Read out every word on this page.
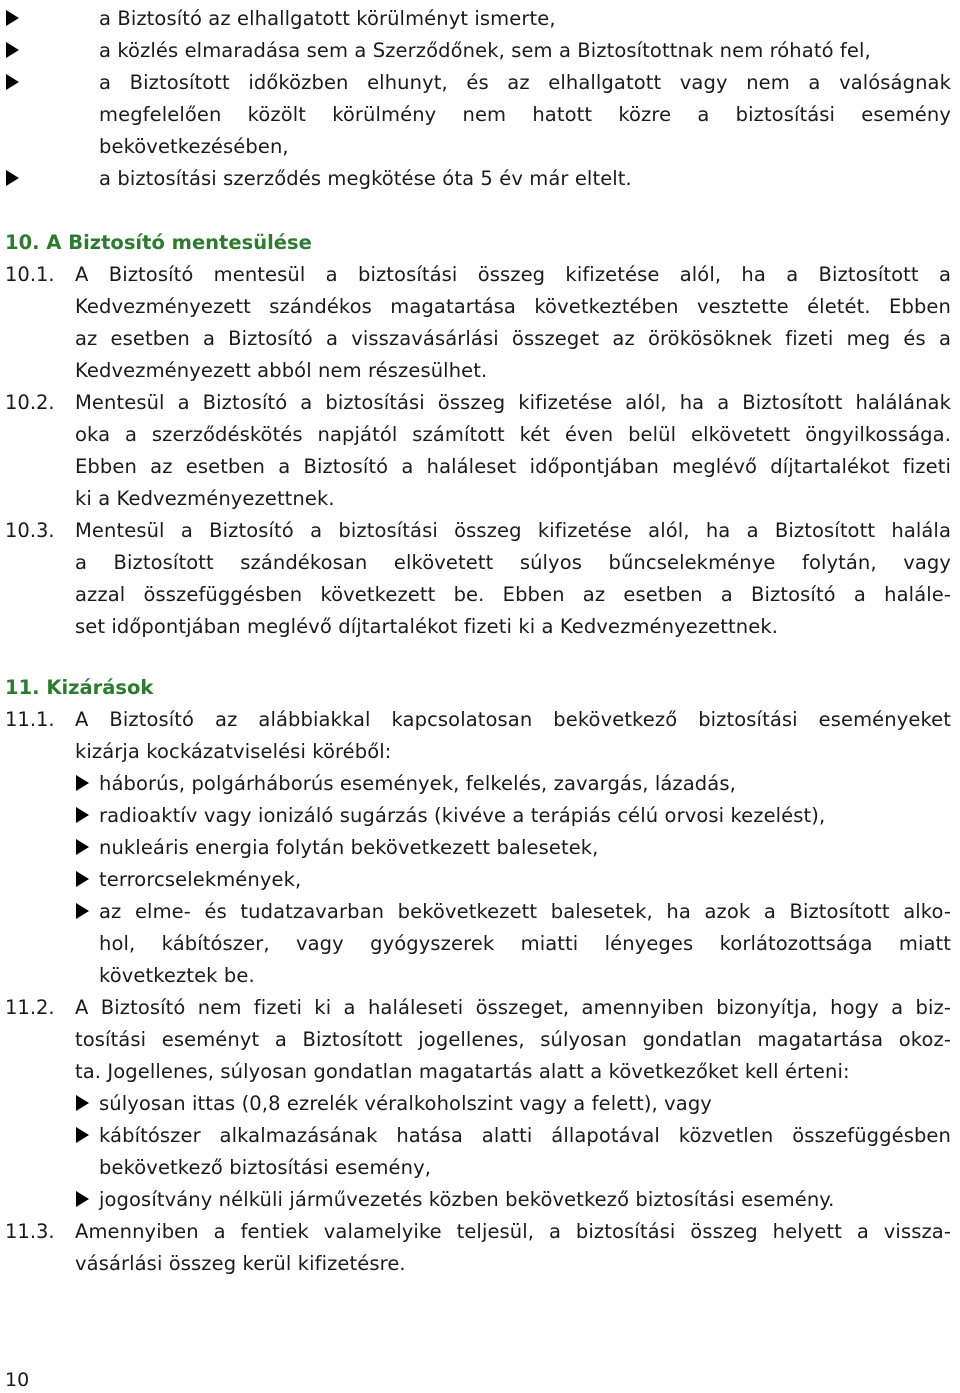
a Biztosító az elhallgatott körülményt ismerte,
a közlés elmaradása sem a Szerződőnek, sem a Biztosítottnak nem róható fel,
a Biztosított időközben elhunyt, és az elhallgatott vagy nem a valóságnak
megfelelően közölt körülmény nem hatott közre a biztosítási esemény
bekövetkezésében,
a biztosítási szerződés megkötése óta 5 év már eltelt.
10. A Biztosító mentesülése
10.1. A Biztosító mentesül a biztosítási összeg kifizetése alól, ha a Biztosított a
Kedvezményezett szándékos magatartása következtében vesztette életét. Ebben
az esetben a Biztosító a visszavásárlási összeget az örökösöknek fizeti meg és a
Kedvezményezett abból nem részesülhet.
10.2. Mentesül a Biztosító a biztosítási összeg kifizetése alól, ha a Biztosított halálának
oka a szerződéskötés napjától számított két éven belül elkövetett öngyilkossága.
Ebben az esetben a Biztosító a haláleset időpontjában meglévő díjtartalékot fizeti
ki a Kedvezményezettnek.
10.3. Mentesül a Biztosító a biztosítási összeg kifizetése alól, ha a Biztosított halála
a Biztosított szándékosan elkövetett súlyos bűncselekménye folytán, vagy
azzal összefüggésben következett be. Ebben az esetben a Biztosító a halále-
set időpontjában meglévő díjtartalékot fizeti ki a Kedvezményezettnek.
11. Kizárások
11.1. A Biztosító az alábbiakkal kapcsolatosan bekövetkező biztosítási eseményeket
kizárja kockázatviselési köréből:
háborús, polgárháborús események, felkelés, zavargás, lázadás,
radioaktív vagy ionizáló sugárzás (kivéve a terápiás célú orvosi kezelést),
nukleáris energia folytán bekövetkezett balesetek,
terrorcselekmények,
az elme- és tudatzavarban bekövetkezett balesetek, ha azok a Biztosított alko-
hol, kábítószer, vagy gyógyszerek miatti lényeges korlátozottsága miatt
következtek be.
11.2. A Biztosító nem fizeti ki a haláleseti összeget, amennyiben bizonyítja, hogy a biz-
tosítási eseményt a Biztosított jogellenes, súlyosan gondatlan magatartása okoz-
ta. Jogellenes, súlyosan gondatlan magatartás alatt a következőket kell érteni:
súlyosan ittas (0,8 ezrelék véralkoholszint vagy a felett), vagy
kábítószer alkalmazásának hatása alatti állapotával közvetlen összefüggésben
bekövetkező biztosítási esemény,
jogosítvány nélküli járművezetés közben bekövetkező biztosítási esemény.
11.3. Amennyiben a fentiek valamelyike teljesül, a biztosítási összeg helyett a vissza-
vásárlási összeg kerül kifizetésre.
10
